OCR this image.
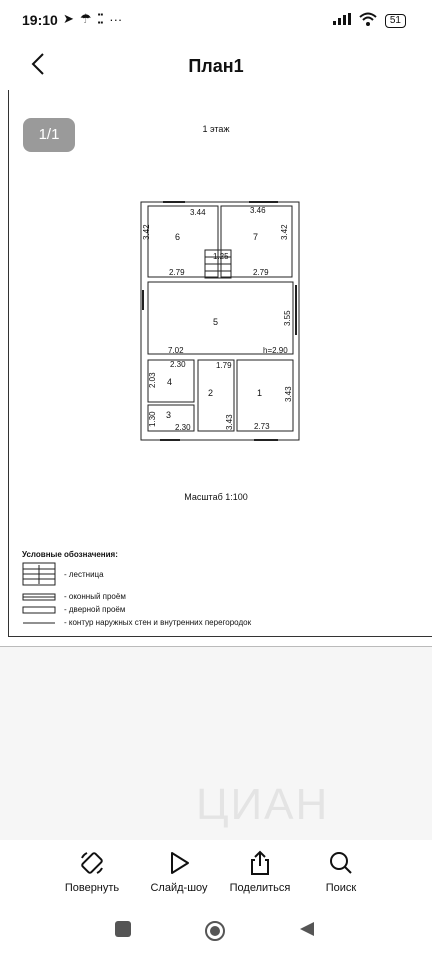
19:10 ➤ ☂ ▪▪
▪▪ ···	51
План1
1/1	1 этаж
6	7
5
4
3
2	1
3.44	3.46
3.42	3.42
2.79	2.79
1.25
3.55
7.02	h=2.90
2.30	1.79
2.03
3.43
3.43
1.30
2.30	2.73
Масштаб 1:100
Условные обозначения:
- лестница
- оконный проём
- дверной проём
- контур наружных стен и внутренних перегородок
ЦИАН
Повернуть	Слайд-шоу	Поделиться	Поиск
